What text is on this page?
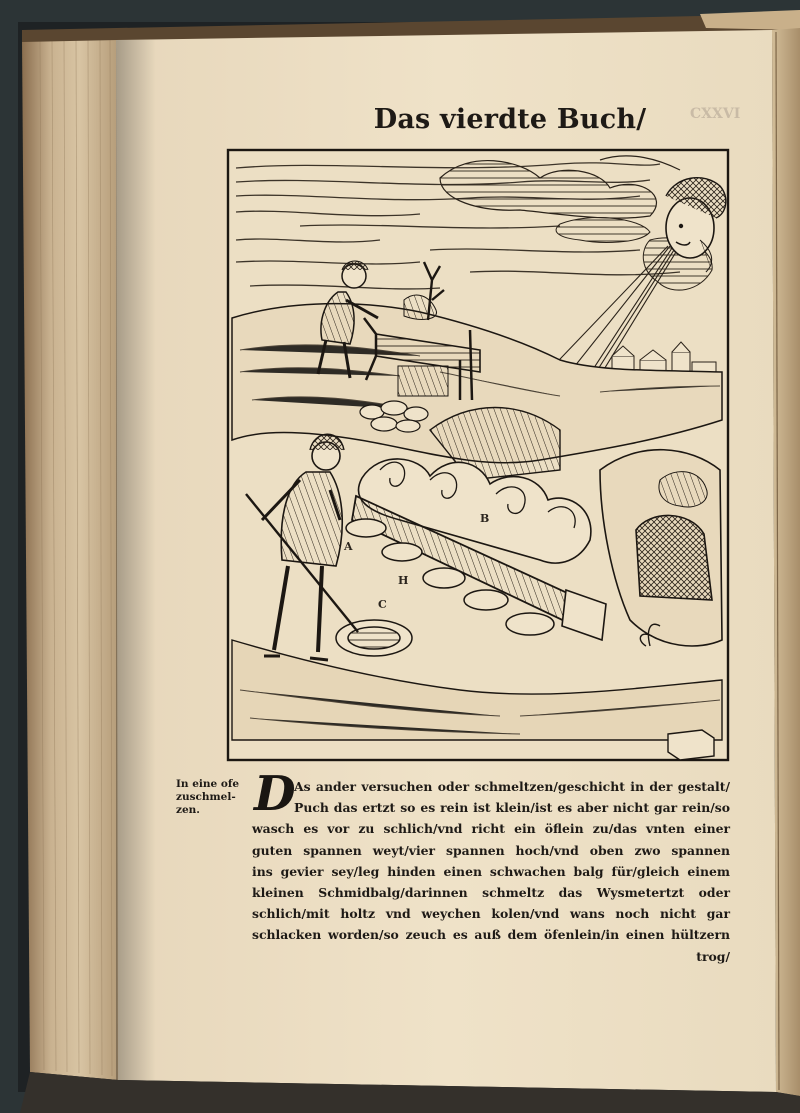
CXXVI
Das vierdte Buch/
A
B
C
H
In eine ofe
zuschmel-
zen.	D
As ander versuchen oder schmeltzen/geschicht in der gestalt/
Puch das ertzt so es rein ist klein/ist es aber nicht gar rein/so
wasch es vor zu schlich/vnd richt ein öflein zu/das vnten einer
guten spannen weyt/vier spannen hoch/vnd oben zwo spannen
ins gevier sey/leg hinden einen schwachen balg für/gleich einem
kleinen Schmidbalg/darinnen schmeltz das Wysmetertzt oder
schlich/mit holtz vnd weychen kolen/vnd wans noch nicht gar
schlacken worden/so zeuch es auß dem öfenlein/in einen hültzern
trog/
